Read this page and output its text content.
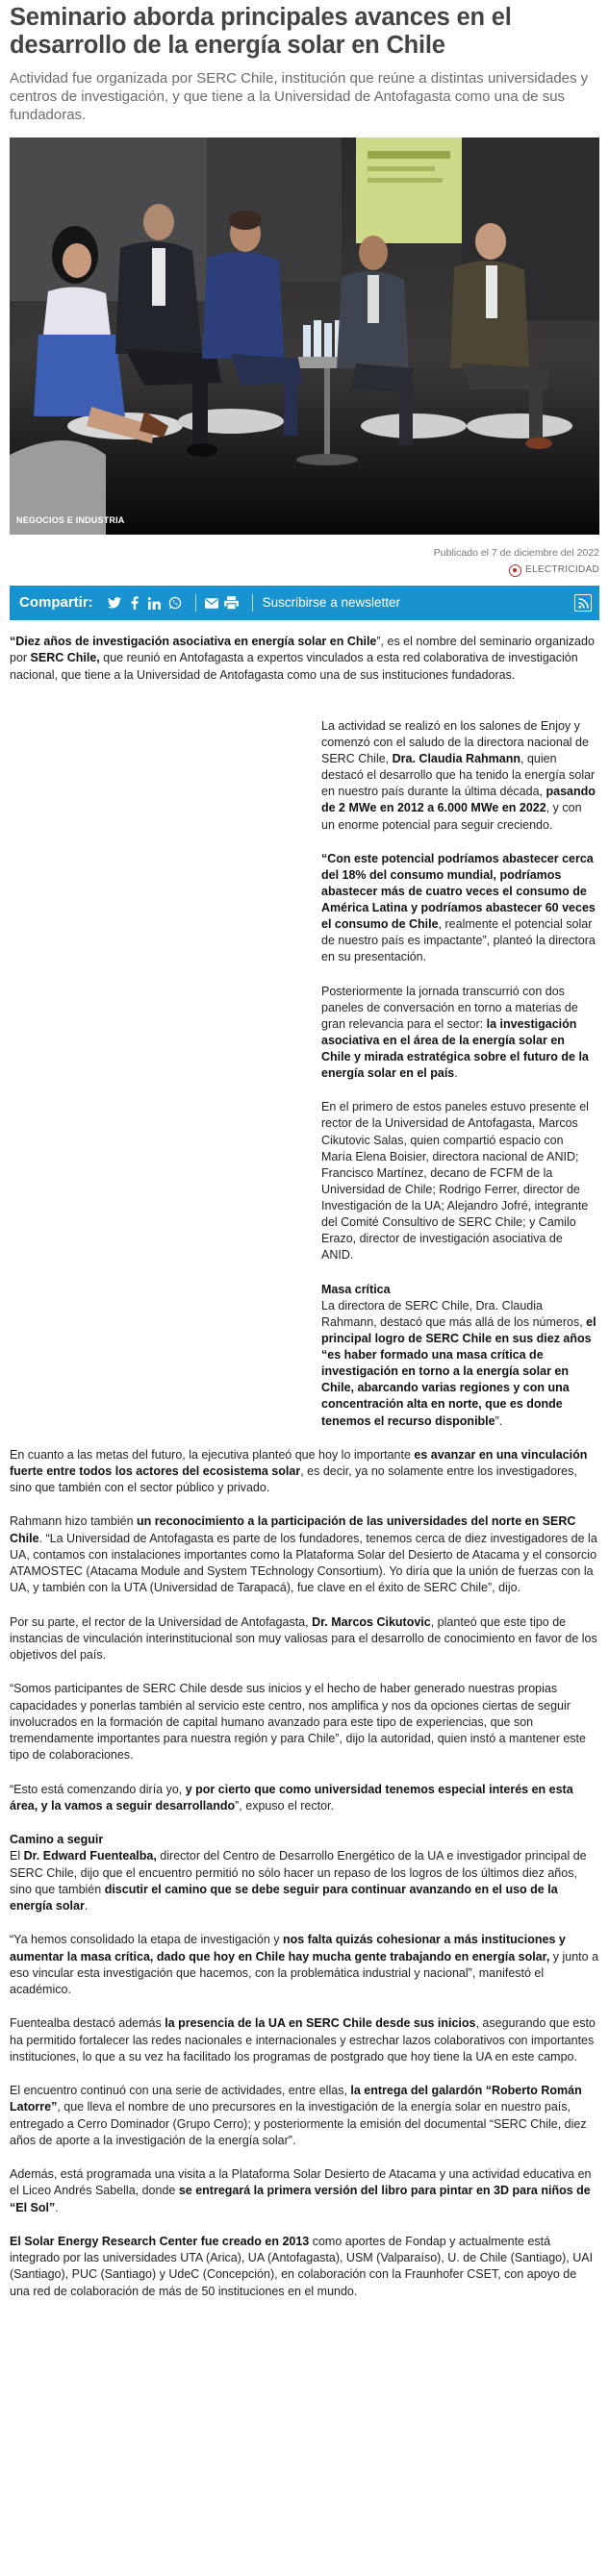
Seminario aborda principales avances en el desarrollo de la energía solar en Chile

Actividad fue organizada por SERC Chile, institución que reúne a distintas universidades y centros de investigación, y que tiene a la Universidad de Antofagasta como una de sus fundadoras.

NEGOCIOS E INDUSTRIA
Publicado el 7 de diciembre del 2022
ELECTRICIDAD
Compartir:	Suscribirse a newsletter

“Diez años de investigación asociativa en energía solar en Chile”, es el nombre del seminario organizado por SERC Chile, que reunió en Antofagasta a expertos vinculados a esta red colaborativa de investigación nacional, que tiene a la Universidad de Antofagasta como una de sus instituciones fundadoras.

La actividad se realizó en los salones de Enjoy y comenzó con el saludo de la directora nacional de SERC Chile, Dra. Claudia Rahmann, quien destacó el desarrollo que ha tenido la energía solar en nuestro país durante la última década, pasando de 2 MWe en 2012 a 6.000 MWe en 2022, y con un enorme potencial para seguir creciendo.

“Con este potencial podríamos abastecer cerca del 18% del consumo mundial, podríamos abastecer más de cuatro veces el consumo de América Latina y podríamos abastecer 60 veces el consumo de Chile, realmente el potencial solar de nuestro país es impactante”, planteó la directora en su presentación.

Posteriormente la jornada transcurrió con dos paneles de conversación en torno a materias de gran relevancia para el sector: la investigación asociativa en el área de la energía solar en Chile y mirada estratégica sobre el futuro de la energía solar en el país.

En el primero de estos paneles estuvo presente el rector de la Universidad de Antofagasta, Marcos Cikutovic Salas, quien compartió espacio con María Elena Boisier, directora nacional de ANID; Francisco Martínez, decano de FCFM de la Universidad de Chile; Rodrigo Ferrer, director de Investigación de la UA; Alejandro Jofré, integrante del Comité Consultivo de SERC Chile; y Camilo Erazo, director de investigación asociativa de ANID.

Masa crítica
La directora de SERC Chile, Dra. Claudia Rahmann, destacó que más allá de los números, el principal logro de SERC Chile en sus diez años “es haber formado una masa crítica de investigación en torno a la energía solar en Chile, abarcando varias regiones y con una concentración alta en norte, que es donde tenemos el recurso disponible”.

En cuanto a las metas del futuro, la ejecutiva planteó que hoy lo importante es avanzar en una vinculación fuerte entre todos los actores del ecosistema solar, es decir, ya no solamente entre los investigadores, sino que también con el sector público y privado.

Rahmann hizo también un reconocimiento a la participación de las universidades del norte en SERC Chile. “La Universidad de Antofagasta es parte de los fundadores, tenemos cerca de diez investigadores de la UA, contamos con instalaciones importantes como la Plataforma Solar del Desierto de Atacama y el consorcio ATAMOSTEC (Atacama Module and System TEchnology Consortium). Yo diría que la unión de fuerzas con la UA, y también con la UTA (Universidad de Tarapacá), fue clave en el éxito de SERC Chile”, dijo.

Por su parte, el rector de la Universidad de Antofagasta, Dr. Marcos Cikutovic, planteó que este tipo de instancias de vinculación interinstitucional son muy valiosas para el desarrollo de conocimiento en favor de los objetivos del país.

“Somos participantes de SERC Chile desde sus inicios y el hecho de haber generado nuestras propias capacidades y ponerlas también al servicio este centro, nos amplifica y nos da opciones ciertas de seguir involucrados en la formación de capital humano avanzado para este tipo de experiencias, que son tremendamente importantes para nuestra región y para Chile”, dijo la autoridad, quien instó a mantener este tipo de colaboraciones.

“Esto está comenzando diría yo, y por cierto que como universidad tenemos especial interés en esta área, y la vamos a seguir desarrollando”, expuso el rector.

Camino a seguir
El Dr. Edward Fuentealba, director del Centro de Desarrollo Energético de la UA e investigador principal de SERC Chile, dijo que el encuentro permitió no sólo hacer un repaso de los logros de los últimos diez años, sino que también discutir el camino que se debe seguir para continuar avanzando en el uso de la energía solar.

“Ya hemos consolidado la etapa de investigación y nos falta quizás cohesionar a más instituciones y aumentar la masa crítica, dado que hoy en Chile hay mucha gente trabajando en energía solar, y junto a eso vincular esta investigación que hacemos, con la problemática industrial y nacional”, manifestó el académico.

Fuentealba destacó además la presencia de la UA en SERC Chile desde sus inicios, asegurando que esto ha permitido fortalecer las redes nacionales e internacionales y estrechar lazos colaborativos con importantes instituciones, lo que a su vez ha facilitado los programas de postgrado que hoy tiene la UA en este campo.

El encuentro continuó con una serie de actividades, entre ellas, la entrega del galardón “Roberto Román Latorre”, que lleva el nombre de uno precursores en la investigación de la energía solar en nuestro país, entregado a Cerro Dominador (Grupo Cerro); y posteriormente la emisión del documental “SERC Chile, diez años de aporte a la investigación de la energía solar”.

Además, está programada una visita a la Plataforma Solar Desierto de Atacama y una actividad educativa en el Liceo Andrés Sabella, donde se entregará la primera versión del libro para pintar en 3D para niños de “El Sol”.

El Solar Energy Research Center fue creado en 2013 como aportes de Fondap y actualmente está integrado por las universidades UTA (Arica), UA (Antofagasta), USM (Valparaíso), U. de Chile (Santiago), UAI (Santiago), PUC (Santiago) y UdeC (Concepción), en colaboración con la Fraunhofer CSET, con apoyo de una red de colaboración de más de 50 instituciones en el mundo.
